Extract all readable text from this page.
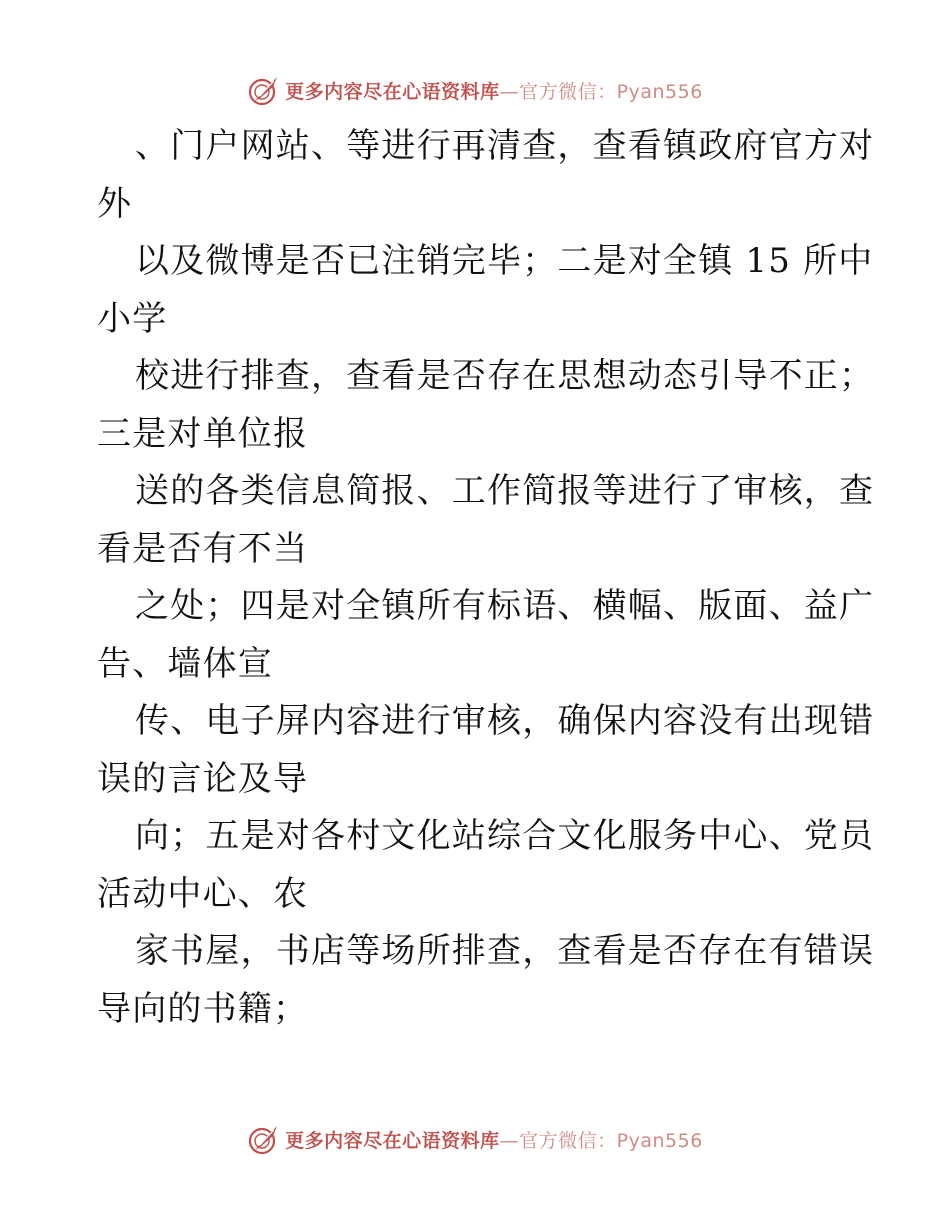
更多内容尽在心语资料库—官方微信：Pyan556
、门户网站、等进行再清查，查看镇政府官方对
外
以及微博是否已注销完毕；二是对全镇 15 所中
小学
校进行排查，查看是否存在思想动态引导不正；
三是对单位报
送的各类信息简报、工作简报等进行了审核，查
看是否有不当
之处；四是对全镇所有标语、横幅、版面、益广
告、墙体宣
传、电子屏内容进行审核，确保内容没有出现错
误的言论及导
向；五是对各村文化站综合文化服务中心、党员
活动中心、农
家书屋，书店等场所排查，查看是否存在有错误
导向的书籍；
更多内容尽在心语资料库—官方微信：Pyan556
